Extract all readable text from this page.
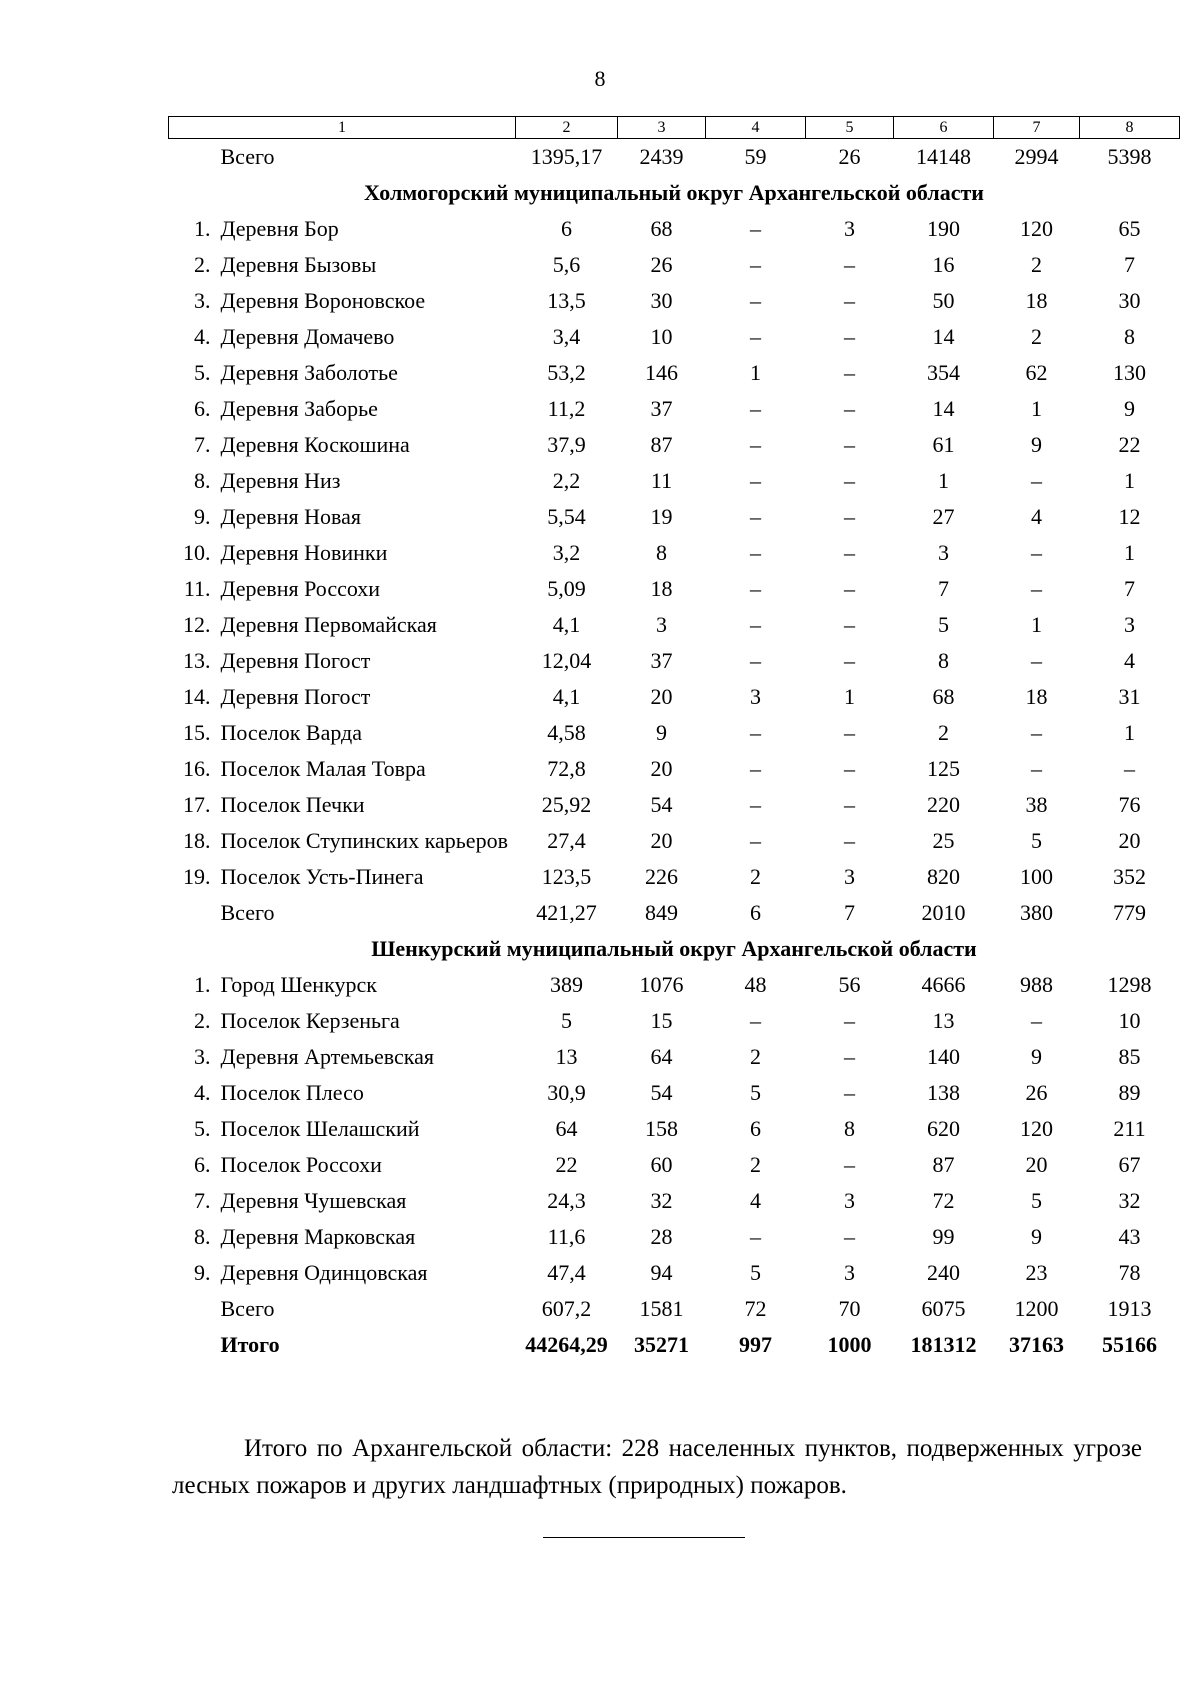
8
1		2	3	4	5	6	7	8
	Всего	1395,17	2439	59	26	14148	2994	5398
Холмогорский муниципальный округ Архангельской области								
1.	Деревня Бор	6	68	–	3	190	120	65
2.	Деревня Бызовы	5,6	26	–	–	16	2	7
3.	Деревня Вороновское	13,5	30	–	–	50	18	30
4.	Деревня Домачево	3,4	10	–	–	14	2	8
5.	Деревня Заболотье	53,2	146	1	–	354	62	130
6.	Деревня Заборье	11,2	37	–	–	14	1	9
7.	Деревня Коскошина	37,9	87	–	–	61	9	22
8.	Деревня Низ	2,2	11	–	–	1	–	1
9.	Деревня Новая	5,54	19	–	–	27	4	12
10.	Деревня Новинки	3,2	8	–	–	3	–	1
11.	Деревня Россохи	5,09	18	–	–	7	–	7
12.	Деревня Первомайская	4,1	3	–	–	5	1	3
13.	Деревня Погост	12,04	37	–	–	8	–	4
14.	Деревня Погост	4,1	20	3	1	68	18	31
15.	Поселок Варда	4,58	9	–	–	2	–	1
16.	Поселок Малая Товра	72,8	20	–	–	125	–	–
17.	Поселок Печки	25,92	54	–	–	220	38	76
18.	Поселок Ступинских карьеров	27,4	20	–	–	25	5	20
19.	Поселок Усть-Пинега	123,5	226	2	3	820	100	352
	Всего	421,27	849	6	7	2010	380	779
Шенкурский муниципальный округ Архангельской области								
1.	Город Шенкурск	389	1076	48	56	4666	988	1298
2.	Поселок Керзеньга	5	15	–	–	13	–	10
3.	Деревня Артемьевская	13	64	2	–	140	9	85
4.	Поселок Плесо	30,9	54	5	–	138	26	89
5.	Поселок Шелашский	64	158	6	8	620	120	211
6.	Поселок Россохи	22	60	2	–	87	20	67
7.	Деревня Чушевская	24,3	32	4	3	72	5	32
8.	Деревня Марковская	11,6	28	–	–	99	9	43
9.	Деревня Одинцовская	47,4	94	5	3	240	23	78
	Всего	607,2	1581	72	70	6075	1200	1913
	Итого	44264,29	35271	997	1000	181312	37163	55166

Итого по Архангельской области: 228 населенных пунктов, подверженных угрозе лесных пожаров и других ландшафтных (природных) пожаров.
